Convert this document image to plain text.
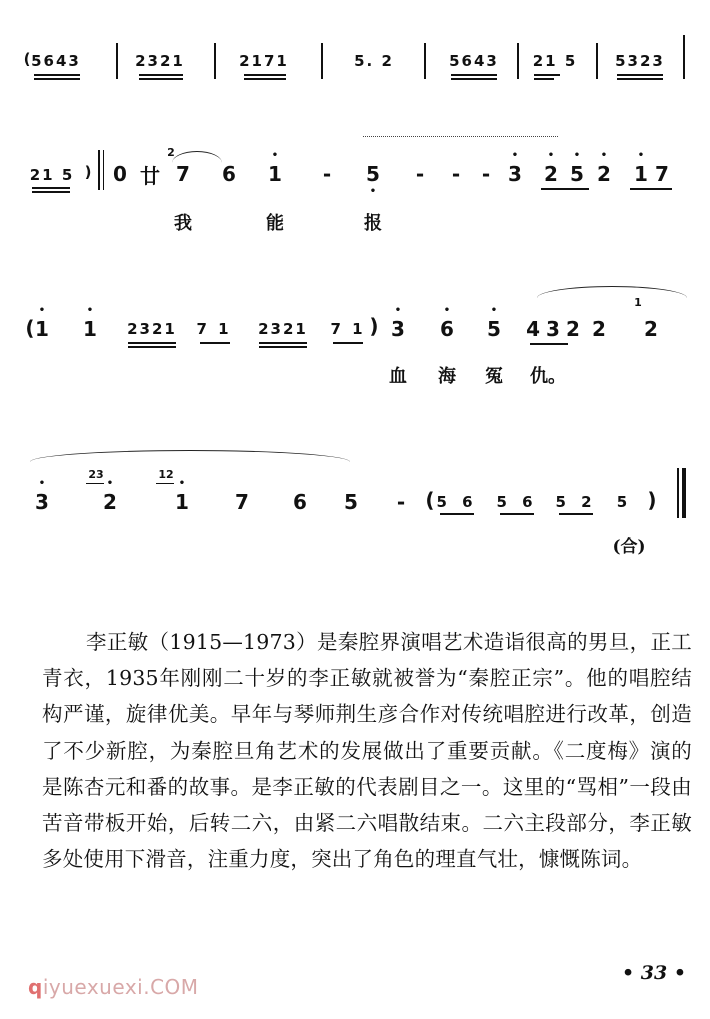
( 5643	2321	2171	5. 2	5643 21 5	5323
21 5 ) 0 廿
2
7 6 1
•
- 5
•
- - - 3
•
2
•
5
•
2
•
1
•
7
我	能	报
( 1
•
1
•
2321 7 1 2321 7 1 ) 3
•
6
•
5
•
432 2
1
2
血 海 冤 仇。
3
•
23
2
•
12
1
•
7 6 5 - ( 5 6 5 6 5 2 5 )
(合)
李正敏（1915—1973）是秦腔界演唱艺术造诣很高的男旦，正工青衣，1935年刚刚二十岁的李正敏就被誉为“秦腔正宗”。他的唱腔结构严谨，旋律优美。早年与琴师荆生彦合作对传统唱腔进行改革，创造了不少新腔，为秦腔旦角艺术的发展做出了重要贡献。《二度梅》演的是陈杏元和番的故事。是李正敏的代表剧目之一。这里的“骂相”一段由苦音带板开始，后转二六，由紧二六唱散结束。二六主段部分，李正敏多处使用下滑音，注重力度，突出了角色的理直气壮，慷慨陈词。
• 33 •
qiyuexuexi.COM
